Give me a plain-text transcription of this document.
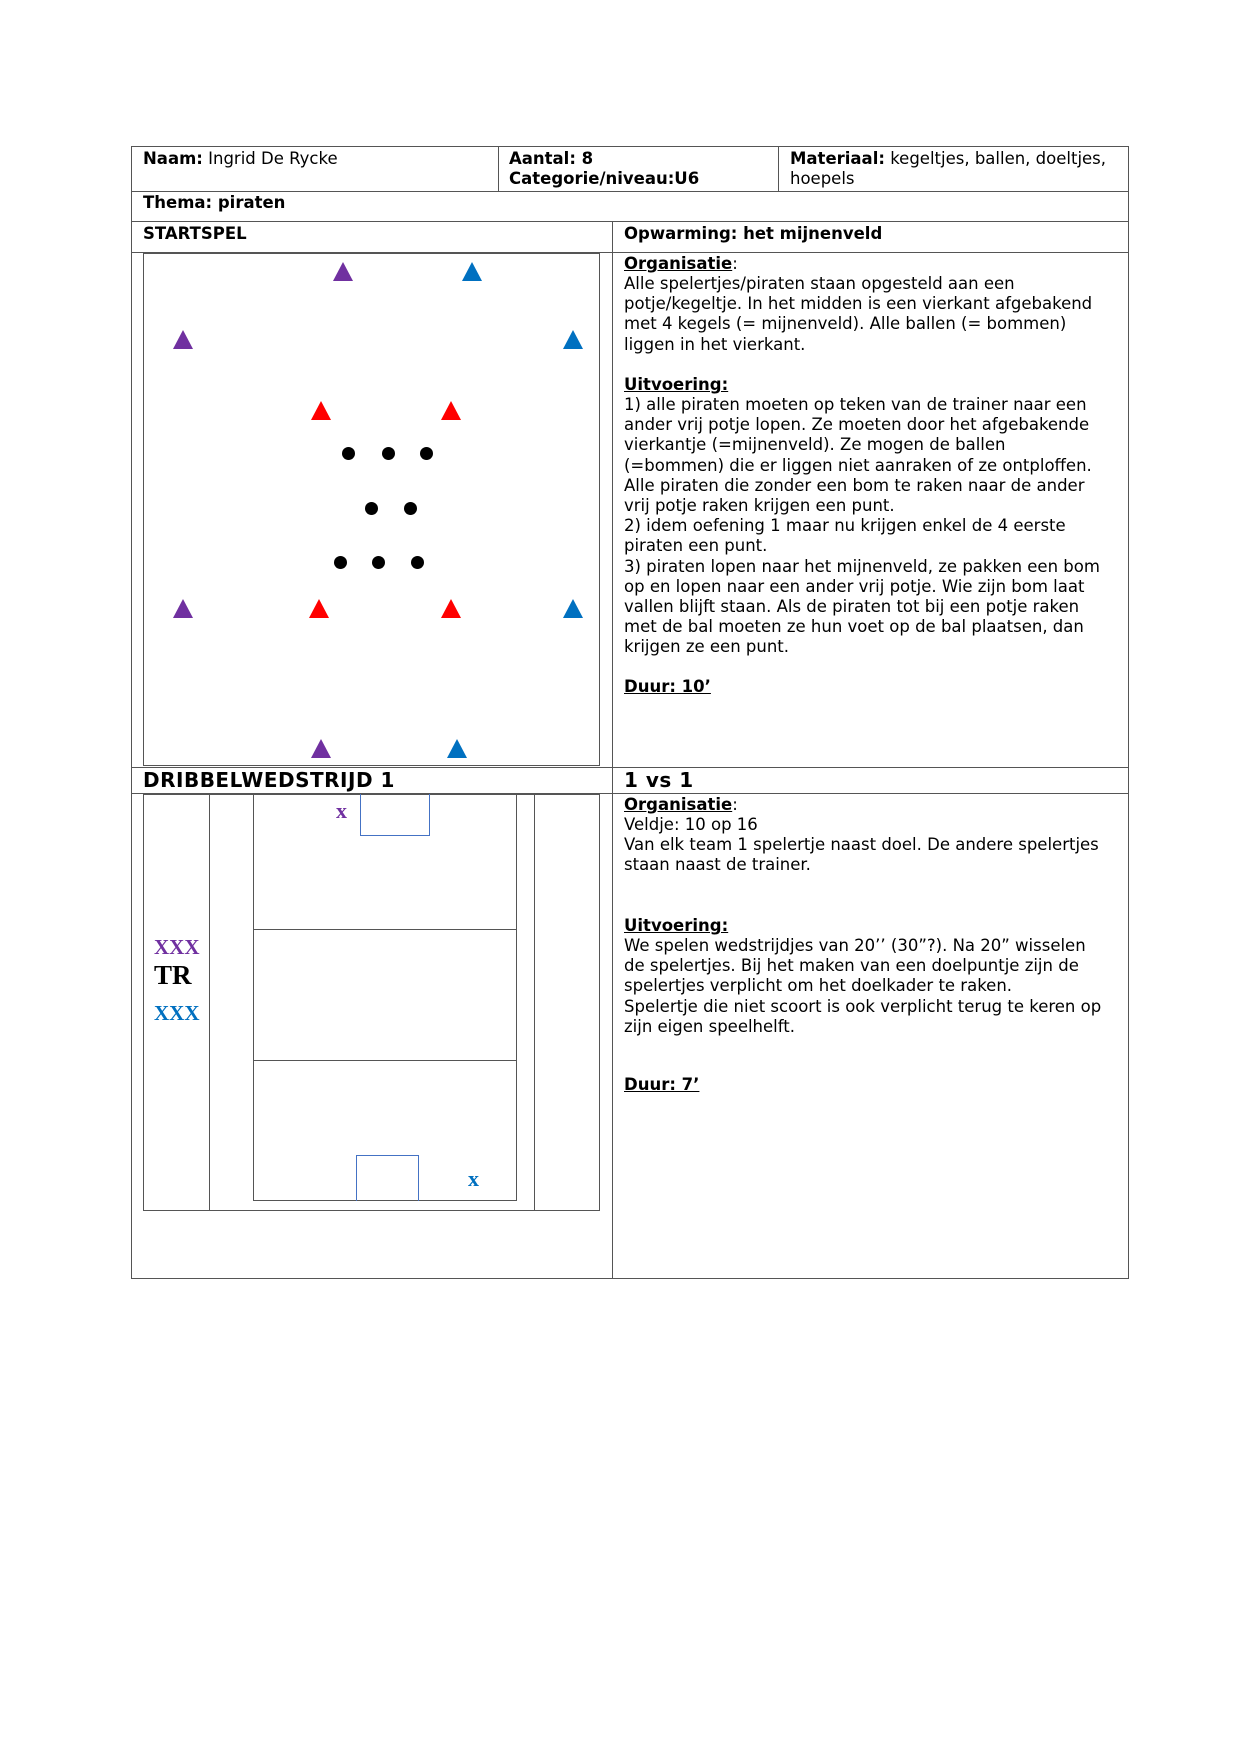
Naam: Ingrid De Rycke	Aantal: 8
Categorie/niveau:U6
Materiaal: kegeltjes, ballen, doeltjes,
hoepels
Thema: piraten
STARTSPEL	Opwarming: het mijnenveld
Organisatie:
Alle spelertjes/piraten staan opgesteld aan een
potje/kegeltje. In het midden is een vierkant afgebakend
met 4 kegels (= mijnenveld). Alle ballen (= bommen)
liggen in het vierkant.
Uitvoering:
1) alle piraten moeten op teken van de trainer naar een
ander vrij potje lopen. Ze moeten door het afgebakende
vierkantje (=mijnenveld). Ze mogen de ballen
(=bommen) die er liggen niet aanraken of ze ontploffen.
Alle piraten die zonder een bom te raken naar de ander
vrij potje raken krijgen een punt.
2) idem oefening 1 maar nu krijgen enkel de 4 eerste
piraten een punt.
3) piraten lopen naar het mijnenveld, ze pakken een bom
op en lopen naar een ander vrij potje. Wie zijn bom laat
vallen blijft staan. Als de piraten tot bij een potje raken
met de bal moeten ze hun voet op de bal plaatsen, dan
krijgen ze een punt.
Duur: 10’
DRIBBELWEDSTRIJD 1	1 vs 1
x
x
XXX
TR
XXX
Organisatie:
Veldje: 10 op 16
Van elk team 1 spelertje naast doel. De andere spelertjes
staan naast de trainer.
Uitvoering:
We spelen wedstrijdjes van 20’’ (30”?). Na 20” wisselen
de spelertjes. Bij het maken van een doelpuntje zijn de
spelertjes verplicht om het doelkader te raken.
Spelertje die niet scoort is ook verplicht terug te keren op
zijn eigen speelhelft.
Duur: 7’
